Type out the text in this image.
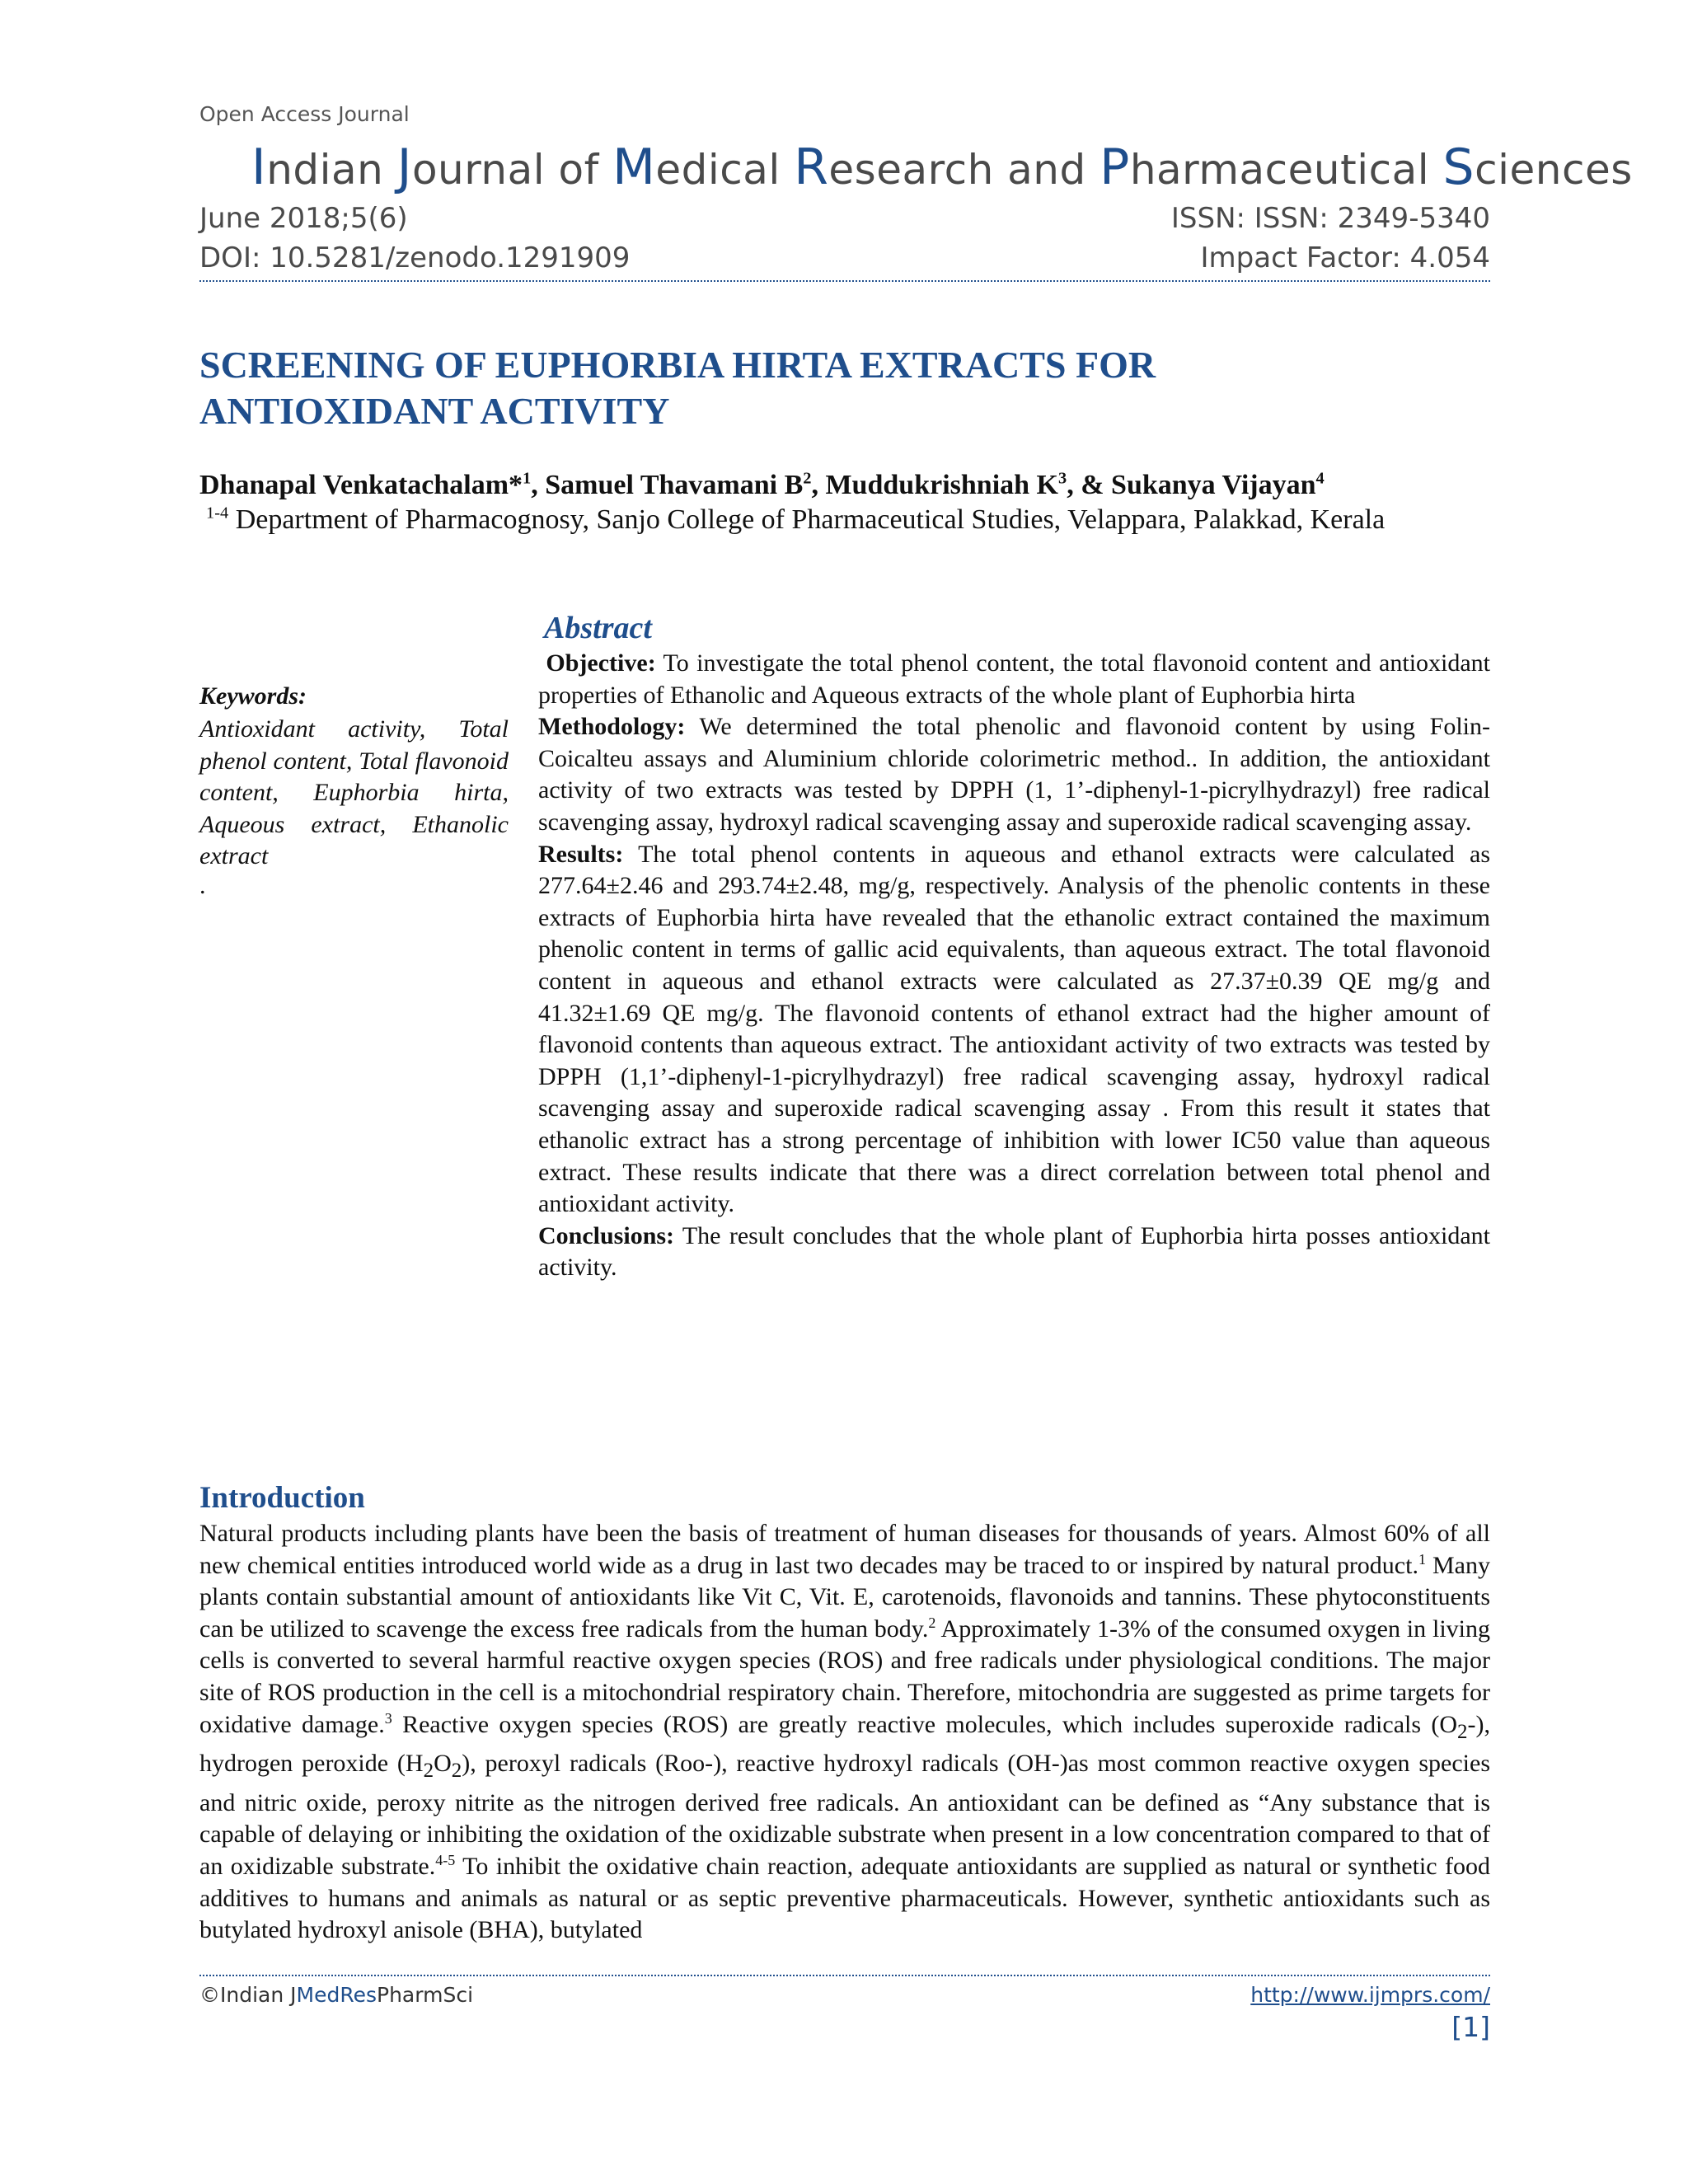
Open Access Journal
Indian Journal of Medical Research and Pharmaceutical Sciences
June 2018;5(6)	ISSN: ISSN: 2349-5340
DOI: 10.5281/zenodo.1291909	Impact Factor: 4.054
SCREENING OF EUPHORBIA HIRTA EXTRACTS FOR
ANTIOXIDANT ACTIVITY
Dhanapal Venkatachalam*$^1$, Samuel Thavamani $B^2$, Muddukrishniah $K^3$, & Sukanya Vijayan$^4$
$^{1-4}$ Department of Pharmacognosy, Sanjo College of Pharmaceutical Studies, Velappara, Palakkad, Kerala
Keywords:
Antioxidant activity, Total phenol content, Total flavonoid content, Euphorbia hirta, Aqueous extract, Ethanolic extract
.
Abstract

Objective: To investigate the total phenol content, the total flavonoid content and antioxidant properties of Ethanolic and Aqueous extracts of the whole plant of Euphorbia hirta

Methodology: We determined the total phenolic and flavonoid content by using Folin-Coicalteu assays and Aluminium chloride colorimetric method.. In addition, the antioxidant activity of two extracts was tested by DPPH (1, 1’-diphenyl-1-picrylhydrazyl) free radical scavenging assay, hydroxyl radical scavenging assay and superoxide radical scavenging assay.

Results: The total phenol contents in aqueous and ethanol extracts were calculated as 277.64±2.46 and 293.74±2.48, mg/g, respectively. Analysis of the phenolic contents in these extracts of Euphorbia hirta have revealed that the ethanolic extract contained the maximum phenolic content in terms of gallic acid equivalents, than aqueous extract. The total flavonoid content in aqueous and ethanol extracts were calculated as 27.37±0.39 QE mg/g and 41.32±1.69 QE mg/g. The flavonoid contents of ethanol extract had the higher amount of flavonoid contents than aqueous extract. The antioxidant activity of two extracts was tested by DPPH (1,1’-diphenyl-1-picrylhydrazyl) free radical scavenging assay, hydroxyl radical scavenging assay and superoxide radical scavenging assay . From this result it states that ethanolic extract has a strong percentage of inhibition with lower IC50 value than aqueous extract. These results indicate that there was a direct correlation between total phenol and antioxidant activity.

Conclusions: The result concludes that the whole plant of Euphorbia hirta posses antioxidant activity.

Introduction
Natural products including plants have been the basis of treatment of human diseases for thousands of years. Almost 60% of all new chemical entities introduced world wide as a drug in last two decades may be traced to or inspired by natural product.$^1$ Many plants contain substantial amount of antioxidants like Vit C, Vit. E, carotenoids, flavonoids and tannins. These phytoconstituents can be utilized to scavenge the excess free radicals from the human body.$^2$ Approximately 1-3% of the consumed oxygen in living cells is converted to several harmful reactive oxygen species (ROS) and free radicals under physiological conditions. The major site of ROS production in the cell is a mitochondrial respiratory chain. Therefore, mitochondria are suggested as prime targets for oxidative damage.$^3$ Reactive oxygen species (ROS) are greatly reactive molecules, which includes superoxide radicals $(O_2-)$, hydrogen peroxide $(H_2O_2)$, peroxyl radicals (Roo-), reactive hydroxyl radicals (OH-)as most common reactive oxygen species and nitric oxide, peroxy nitrite as the nitrogen derived free radicals. An antioxidant can be defined as “Any substance that is capable of delaying or inhibiting the oxidation of the oxidizable substrate when present in a low concentration compared to that of an oxidizable substrate.$^{4-5}$ To inhibit the oxidative chain reaction, adequate antioxidants are supplied as natural or synthetic food additives to humans and animals as natural or as septic preventive pharmaceuticals. However, synthetic antioxidants such as butylated hydroxyl anisole (BHA), butylated
©Indian JMedResPharmSci	http://www.ijmprs.com/
[1]
